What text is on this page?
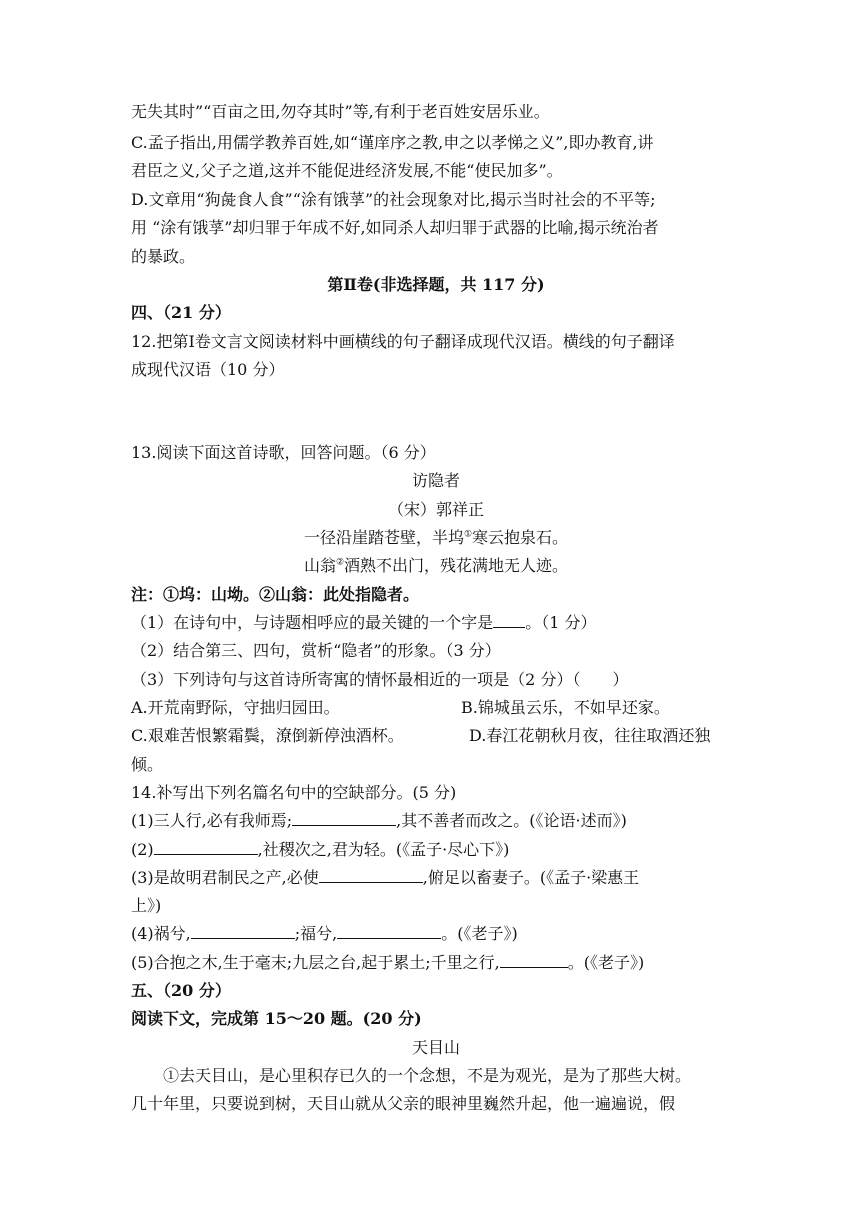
无失其时”“百亩之田,勿夺其时”等,有利于老百姓安居乐业。
C.孟子指出,用儒学教养百姓,如“谨庠序之教,申之以孝悌之义”,即办教育,讲
君臣之义,父子之道,这并不能促进经济发展,不能“使民加多”。
D.文章用“狗彘食人食”“涂有饿莩”的社会现象对比,揭示当时社会的不平等;
用 “涂有饿莩”却归罪于年成不好,如同杀人却归罪于武器的比喻,揭示统治者
的暴政。
第Ⅱ卷(非选择题，共 117 分)
四、（21 分）
12.把第Ⅰ卷文言文阅读材料中画横线的句子翻译成现代汉语。横线的句子翻译
成现代汉语（10 分）
13.阅读下面这首诗歌，回答问题。（6 分）
访隐者
（宋）郭祥正
一径沿崖踏苍壁，半坞①寒云抱泉石。
山翁②酒熟不出门，残花满地无人迹。
注：①坞：山坳。②山翁：此处指隐者。
（1）在诗句中，与诗题相呼应的最关键的一个字是 。（1 分）
（2）结合第三、四句，赏析“隐者”的形象。（3 分）
（3）下列诗句与这首诗所寄寓的情怀最相近的一项是（2 分）（　　）
A.开荒南野际，守拙归园田。	B.锦城虽云乐，不如早还家。
C.艰难苦恨繁霜鬓，潦倒新停浊酒杯。	D.春江花朝秋月夜，往往取酒还独
倾。
14.补写出下列名篇名句中的空缺部分。(5 分)
(1)三人行,必有我师焉;	,其不善者而改之。(《论语·述而》)
(2)	,社稷次之,君为轻。(《孟子·尽心下》)
(3)是故明君制民之产,必使	,俯足以畜妻子。(《孟子·梁惠王
上》)
(4)祸兮,	;福兮,	。(《老子》)
(5)合抱之木,生于毫末;九层之台,起于累土;千里之行,	。(《老子》)
五、（20 分）
阅读下文，完成第 15～20 题。(20 分)
天目山
①去天目山，是心里积存已久的一个念想，不是为观光，是为了那些大树。
几十年里，只要说到树，天目山就从父亲的眼神里巍然升起，他一遍遍说，假
